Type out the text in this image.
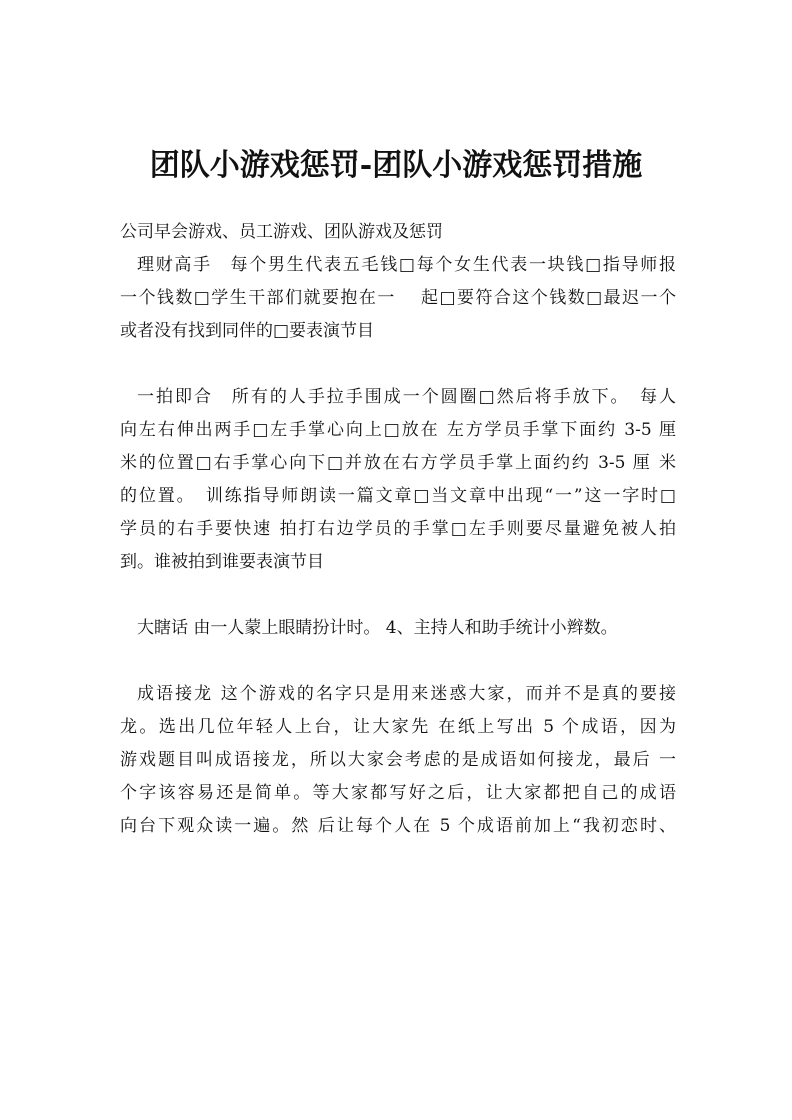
团队小游戏惩罚-团队小游戏惩罚措施
公司早会游戏、员工游戏、团队游戏及惩罚
理财高手　每个男生代表五毛钱□每个女生代表一块钱□指导师报
一个钱数□学生干部们就要抱在一　 起□要符合这个钱数□最迟一个
或者没有找到同伴的□要表演节目
一拍即合　所有的人手拉手围成一个圆圈□然后将手放下。　每人
向左右伸出两手□左手掌心向上□放在 左方学员手掌下面约 3-5 厘
米的位置□右手掌心向下□并放在右方学员手掌上面约约 3-5 厘 米
的位置。　训练指导师朗读一篇文章□当文章中出现“一”这一字时□
学员的右手要快速 拍打右边学员的手掌□左手则要尽量避免被人拍
到。谁被拍到谁要表演节目
大瞎话 由一人蒙上眼睛扮计时。 4、主持人和助手统计小辫数。
成语接龙 这个游戏的名字只是用来迷惑大家，而并不是真的要接
龙。选出几位年轻人上台，让大家先 在纸上写出 5 个成语，因为
游戏题目叫成语接龙，所以大家会考虑的是成语如何接龙，最后 一
个字该容易还是简单。等大家都写好之后，让大家都把自己的成语
向台下观众读一遍。然 后让每个人在 5 个成语前加上“我初恋时、
